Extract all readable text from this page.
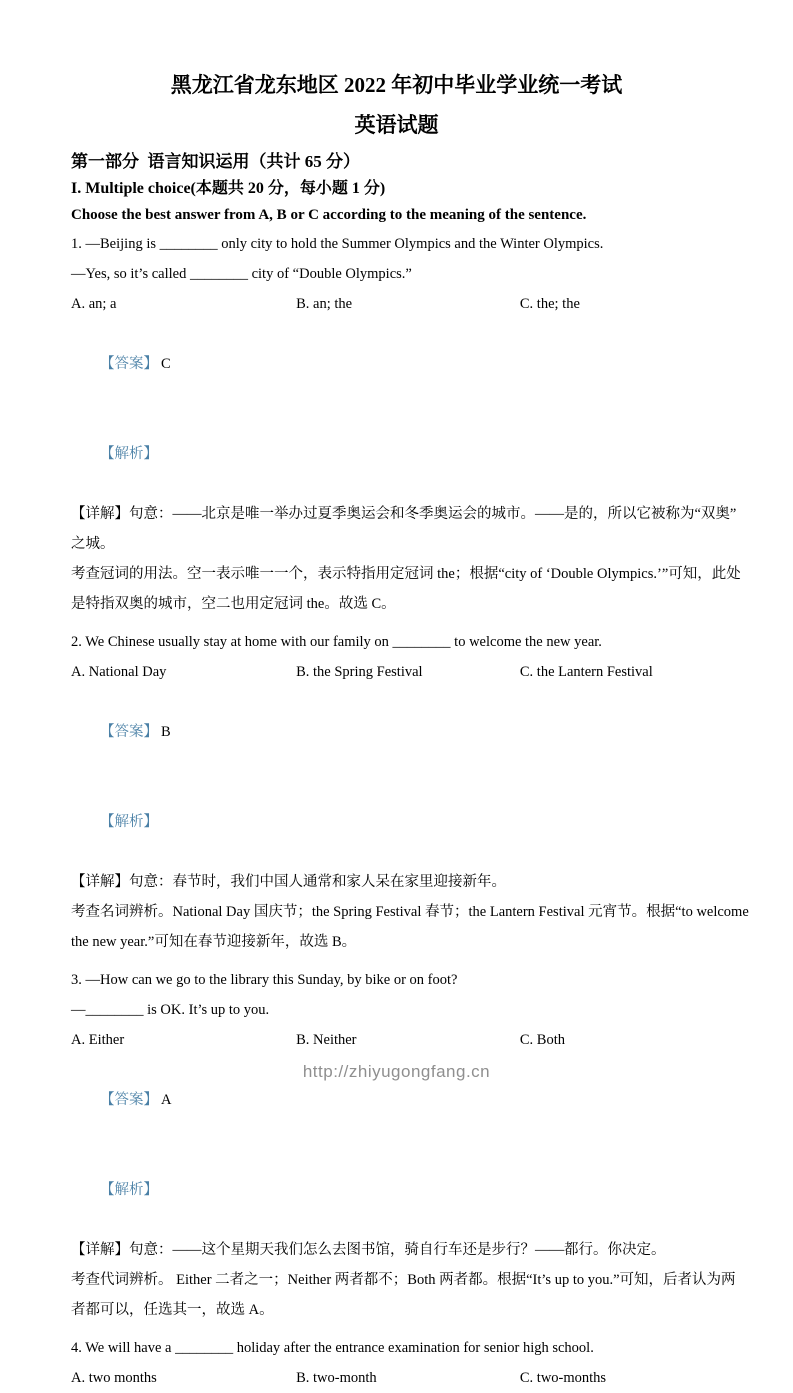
黑龙江省龙东地区 2022 年初中毕业学业统一考试
英语试题
第一部分  语言知识运用（共计 65 分）
I. Multiple choice(本题共 20 分，每小题 1 分)
Choose the best answer from A, B or C according to the meaning of the sentence.
1. —Beijing is ________ only city to hold the Summer Olympics and the Winter Olympics.
—Yes, so it’s called ________ city of “Double Olympics.”
A. an; a	B. an; the	C. the; the

【答案】 C

【解析】

【详解】句意：——北京是唯一举办过夏季奥运会和冬季奥运会的城市。——是的，所以它被称为“双奥”
之城。
考查冠词的用法。空一表示唯一一个，表示特指用定冠词 the；根据“city of ‘Double Olympics.’”可知，此处
是特指双奥的城市，空二也用定冠词 the。故选 C。
2. We Chinese usually stay at home with our family on ________ to welcome the new year.
A. National Day	B. the Spring Festival	C. the Lantern Festival

【答案】 B

【解析】

【详解】句意：春节时，我们中国人通常和家人呆在家里迎接新年。
考查名词辨析。National Day 国庆节；the Spring Festival 春节；the Lantern Festival 元宵节。根据“to welcome
the new year.”可知在春节迎接新年，故选 B。
3. —How can we go to the library this Sunday, by bike or on foot?
—________ is OK. It’s up to you.
A. Either	B. Neither	C. Both

【答案】 A

【解析】

【详解】句意：——这个星期天我们怎么去图书馆，骑自行车还是步行？——都行。你决定。
考查代词辨析。 Either 二者之一；Neither 两者都不；Both 两者都。根据“It’s up to you.”可知，后者认为两
者都可以，任选其一，故选 A。
4. We will have a ________ holiday after the entrance examination for senior high school.
A. two months	B. two-month	C. two-months
http://zhiyugongfang.cn
